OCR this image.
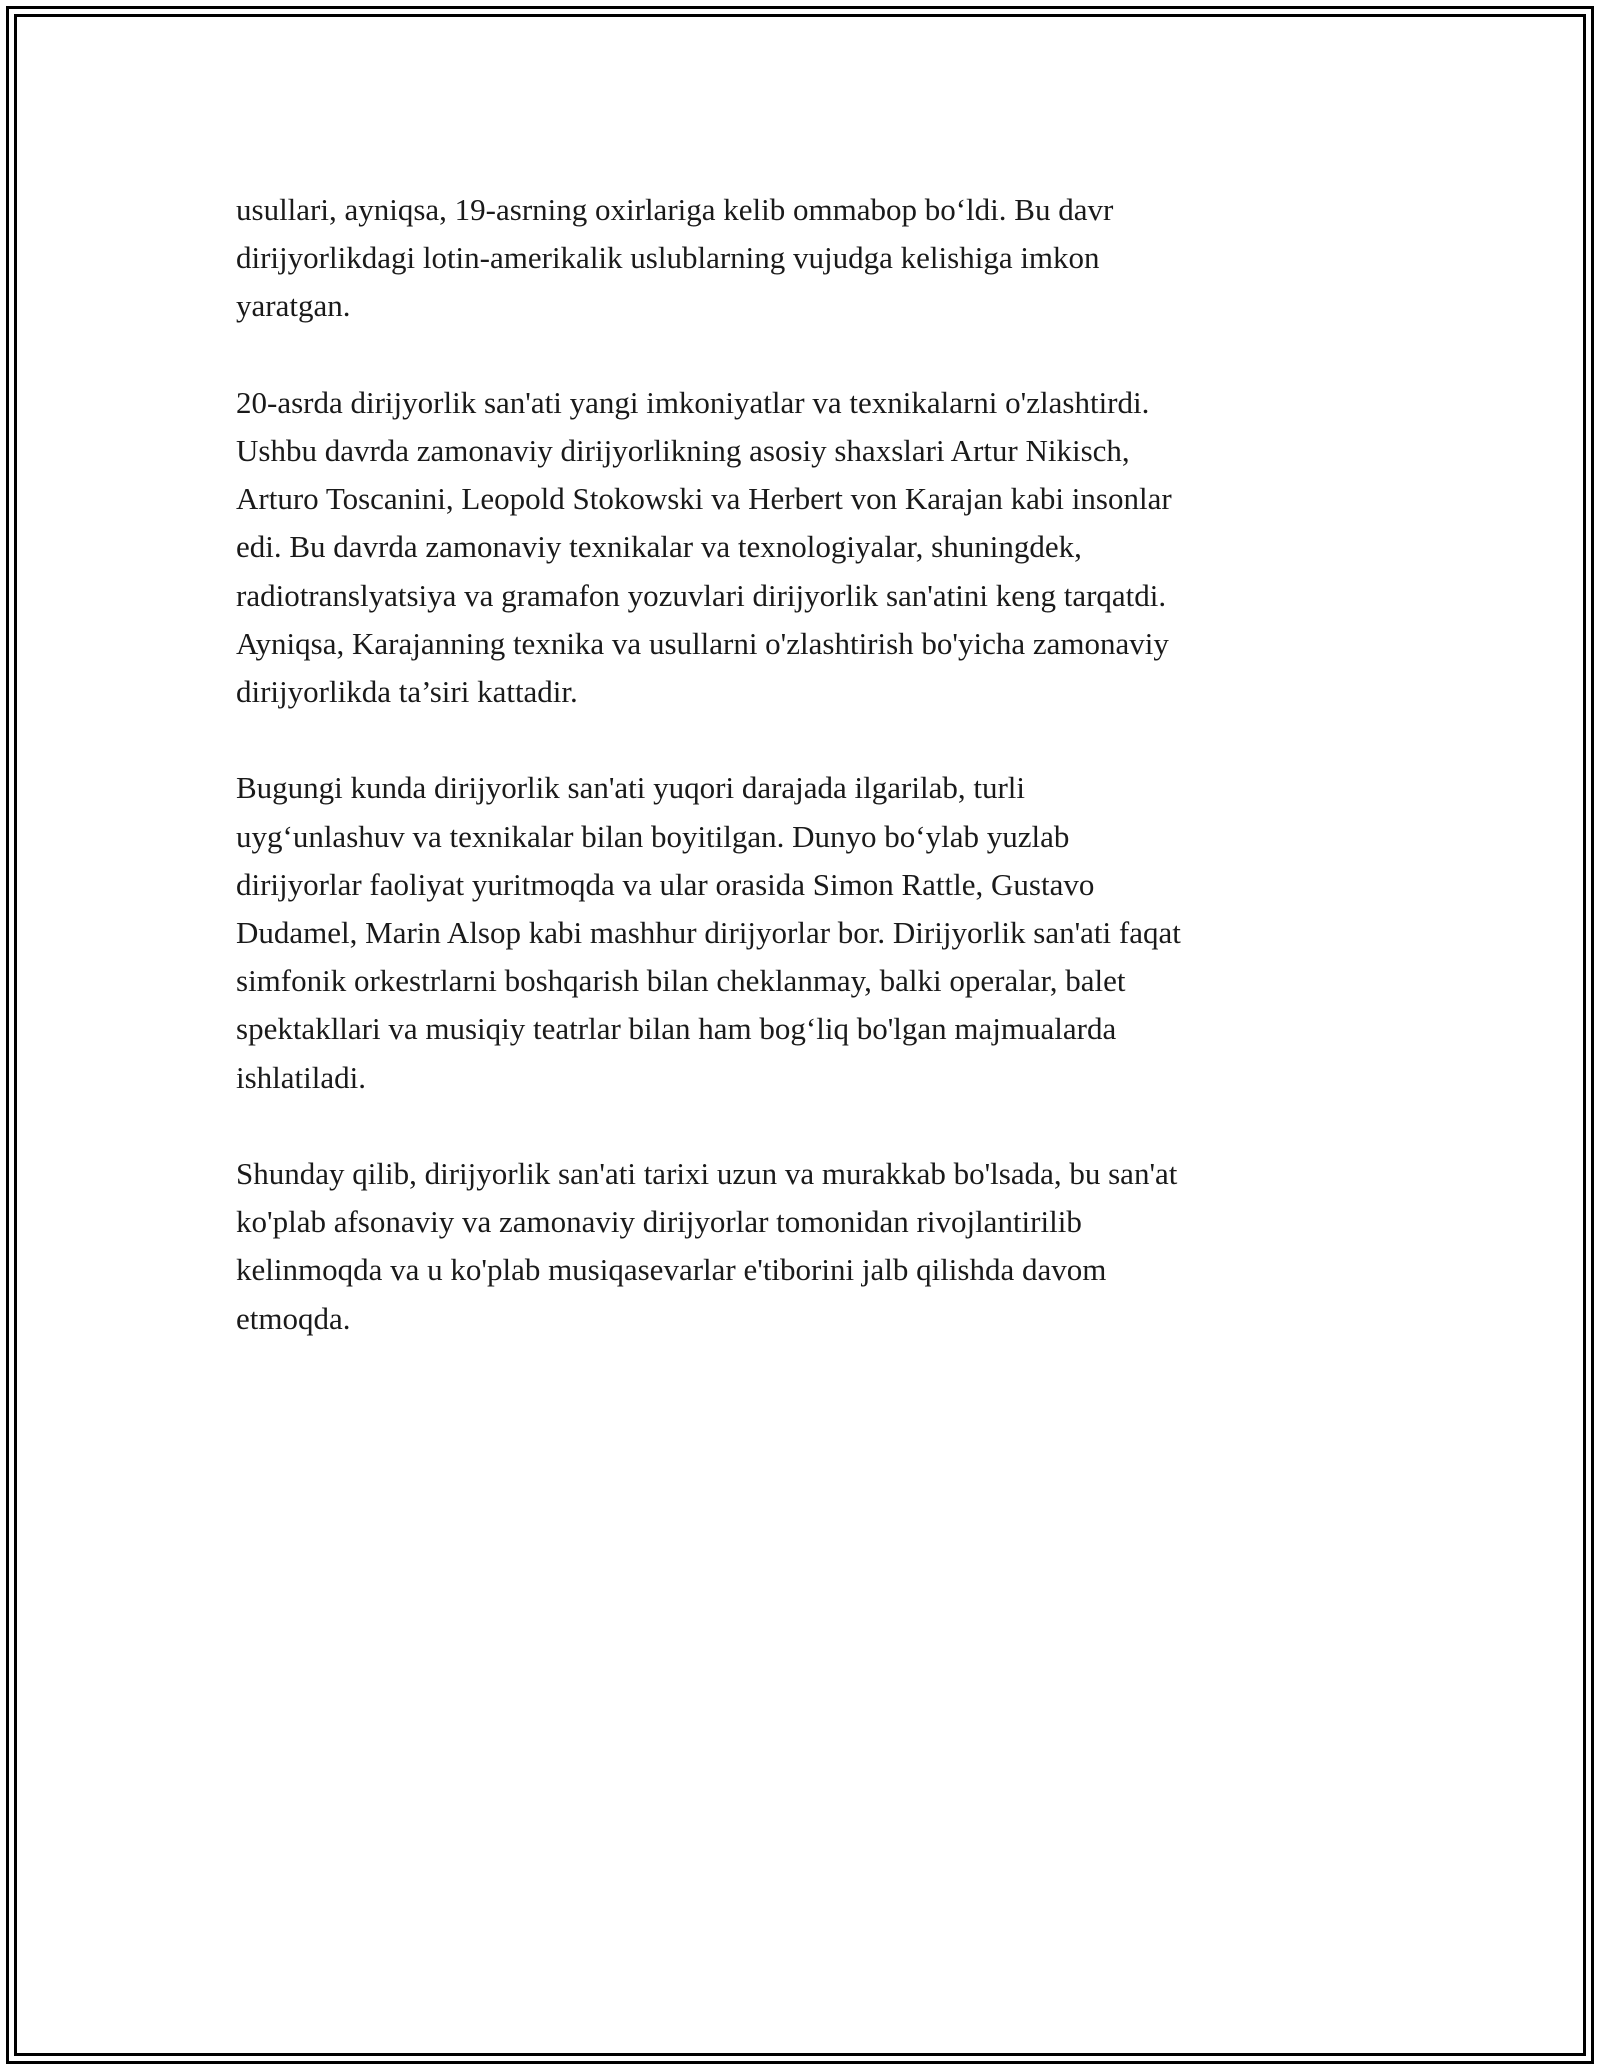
usullari, ayniqsa, 19-asrning oxirlariga kelib ommabop bo‘ldi. Bu davr
dirijyorlikdagi lotin-amerikalik uslublarning vujudga kelishiga imkon
yaratgan.

20-asrda dirijyorlik san'ati yangi imkoniyatlar va texnikalarni o'zlashtirdi.
Ushbu davrda zamonaviy dirijyorlikning asosiy shaxslari Artur Nikisch,
Arturo Toscanini, Leopold Stokowski va Herbert von Karajan kabi insonlar
edi. Bu davrda zamonaviy texnikalar va texnologiyalar, shuningdek,
radiotranslyatsiya va gramafon yozuvlari dirijyorlik san'atini keng tarqatdi.
Ayniqsa, Karajanning texnika va usullarni o'zlashtirish bo'yicha zamonaviy
dirijyorlikda ta’siri kattadir.

Bugungi kunda dirijyorlik san'ati yuqori darajada ilgarilab, turli
uyg‘unlashuv va texnikalar bilan boyitilgan. Dunyo bo‘ylab yuzlab
dirijyorlar faoliyat yuritmoqda va ular orasida Simon Rattle, Gustavo
Dudamel, Marin Alsop kabi mashhur dirijyorlar bor. Dirijyorlik san'ati faqat
simfonik orkestrlarni boshqarish bilan cheklanmay, balki operalar, balet
spektakllari va musiqiy teatrlar bilan ham bog‘liq bo'lgan majmualarda
ishlatiladi.

Shunday qilib, dirijyorlik san'ati tarixi uzun va murakkab bo'lsada, bu san'at
ko'plab afsonaviy va zamonaviy dirijyorlar tomonidan rivojlantirilib
kelinmoqda va u ko'plab musiqasevarlar e'tiborini jalb qilishda davom
etmoqda.
